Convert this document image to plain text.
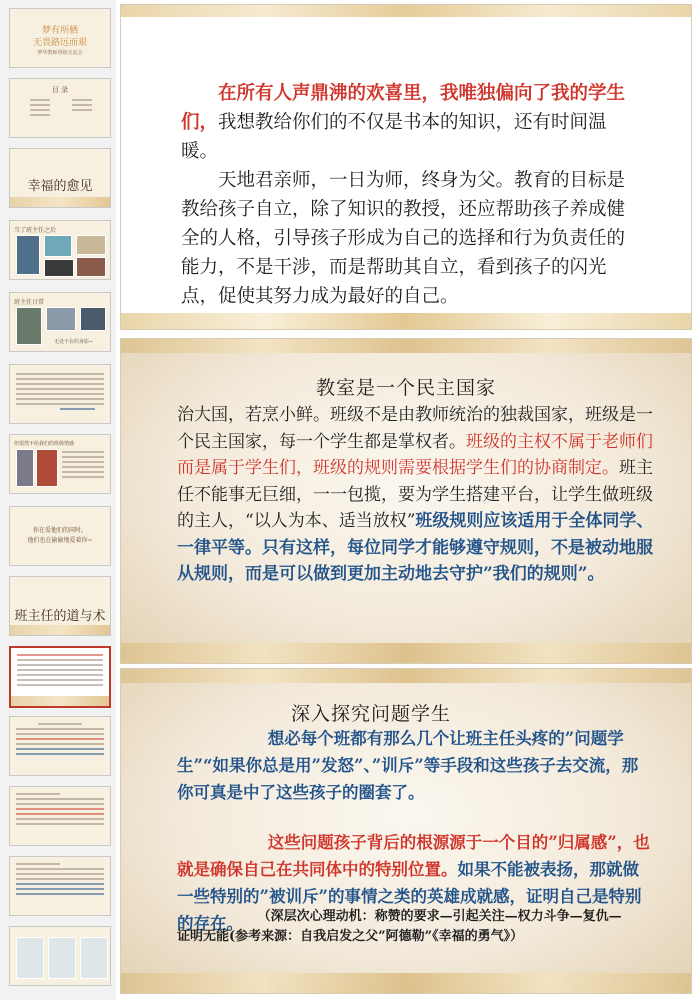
梦有所栖
无畏路远而艰
梦华教师班级交流会
目 录
幸福的愈见
当了班主任之后
班主任日常
无处不在的身影~
但很然不给我们的班级情感
你在爱他们的同时，
他们也在偷偷地爱着你~
班主任的道与术

在所有人声鼎沸的欢喜里，我唯独偏向了我的学生们，我想教给你们的不仅是书本的知识，还有时间温暖。

天地君亲师，一日为师，终身为父。教育的目标是教给孩子自立，除了知识的教授，还应帮助孩子养成健全的人格，引导孩子形成为自己的选择和行为负责任的能力，不是干涉，而是帮助其自立，看到孩子的闪光点，促使其努力成为最好的自己。

教室是一个民主国家
治大国，若烹小鲜。班级不是由教师统治的独裁国家，班级是一个民主国家，每一个学生都是掌权者。班级的主权不属于老师们而是属于学生们，班级的规则需要根据学生们的协商制定。班主任不能事无巨细，一一包揽，要为学生搭建平台，让学生做班级的主人，“以人为本、适当放权”班级规则应该适用于全体同学、一律平等。只有这样，每位同学才能够遵守规则，不是被动地服从规则，而是可以做到更加主动地去守护”我们的规则”。
深入探究问题学生

想必每个班都有那么几个让班主任头疼的”问题学生”“如果你总是用”发怒”、”训斥”等手段和这些孩子去交流，那你可真是中了这些孩子的圈套了。

这些问题孩子背后的根源源于一个目的”归属感”，也就是确保自己在共同体中的特别位置。如果不能被表扬，那就做一些特别的”被训斥”的事情之类的英雄成就感，证明自己是特别的存在。	（深层次心理动机：称赞的要求—引起关注—权力斗争—复仇—证明无能(参考来源：自我启发之父”阿德勒”《幸福的勇气》）
